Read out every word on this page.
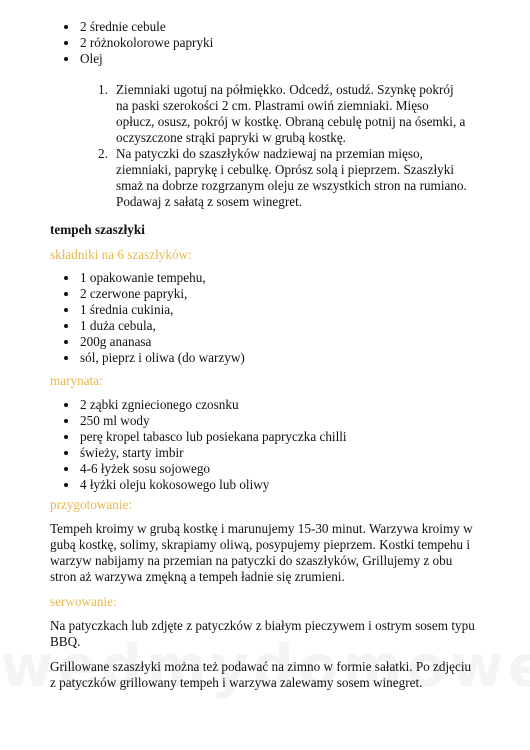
2 średnie cebule
2 różnokolorowe papryki
Olej
1. Ziemniaki ugotuj na półmiękko. Odcedź, ostudź. Szynkę pokrój na paski szerokości 2 cm. Plastrami owiń ziemniaki. Mięso opłucz, osusz, pokrój w kostkę. Obraną cebulę potnij na ósemki, a oczyszczone strąki papryki w grubą kostkę.
2. Na patyczki do szaszłyków nadziewaj na przemian mięso, ziemniaki, paprykę i cebulkę. Oprósz solą i pieprzem. Szaszłyki smaż na dobrze rozgrzanym oleju ze wszystkich stron na rumiano. Podawaj z sałatą z sosem winegret.
tempeh szaszłyki
składniki na 6 szaszłyków:
1 opakowanie tempehu,
2 czerwone papryki,
1 średnia cukinia,
1 duża cebula,
200g ananasa
sól, pieprz i oliwa (do warzyw)
marynata:
2 ząbki zgniecionego czosnku
250 ml wody
perę kropel tabasco lub posiekana papryczka chilli
świeży, starty imbir
4-6 łyżek sosu sojowego
4 łyżki oleju kokosowego lub oliwy
przygotowanie:

Tempeh kroimy w grubą kostkę i marunujemy 15-30 minut. Warzywa kroimy w gubą kostkę, solimy, skrapiamy oliwą, posypujemy pieprzem. Kostki tempehu i warzyw nabijamy na przemian na patyczki do szaszłyków, Grillujemy z obu stron aż warzywa zmękną a tempeh ładnie się zrumieni.

serwowanie:

Na patyczkach lub zdjęte z patyczków z białym pieczywem i ostrym sosem typu BBQ.

Grillowane szaszłyki można też podawać na zimno w formie sałatki. Po zdjęciu z patyczków grillowany tempeh i warzywa zalewamy sosem winegret.
